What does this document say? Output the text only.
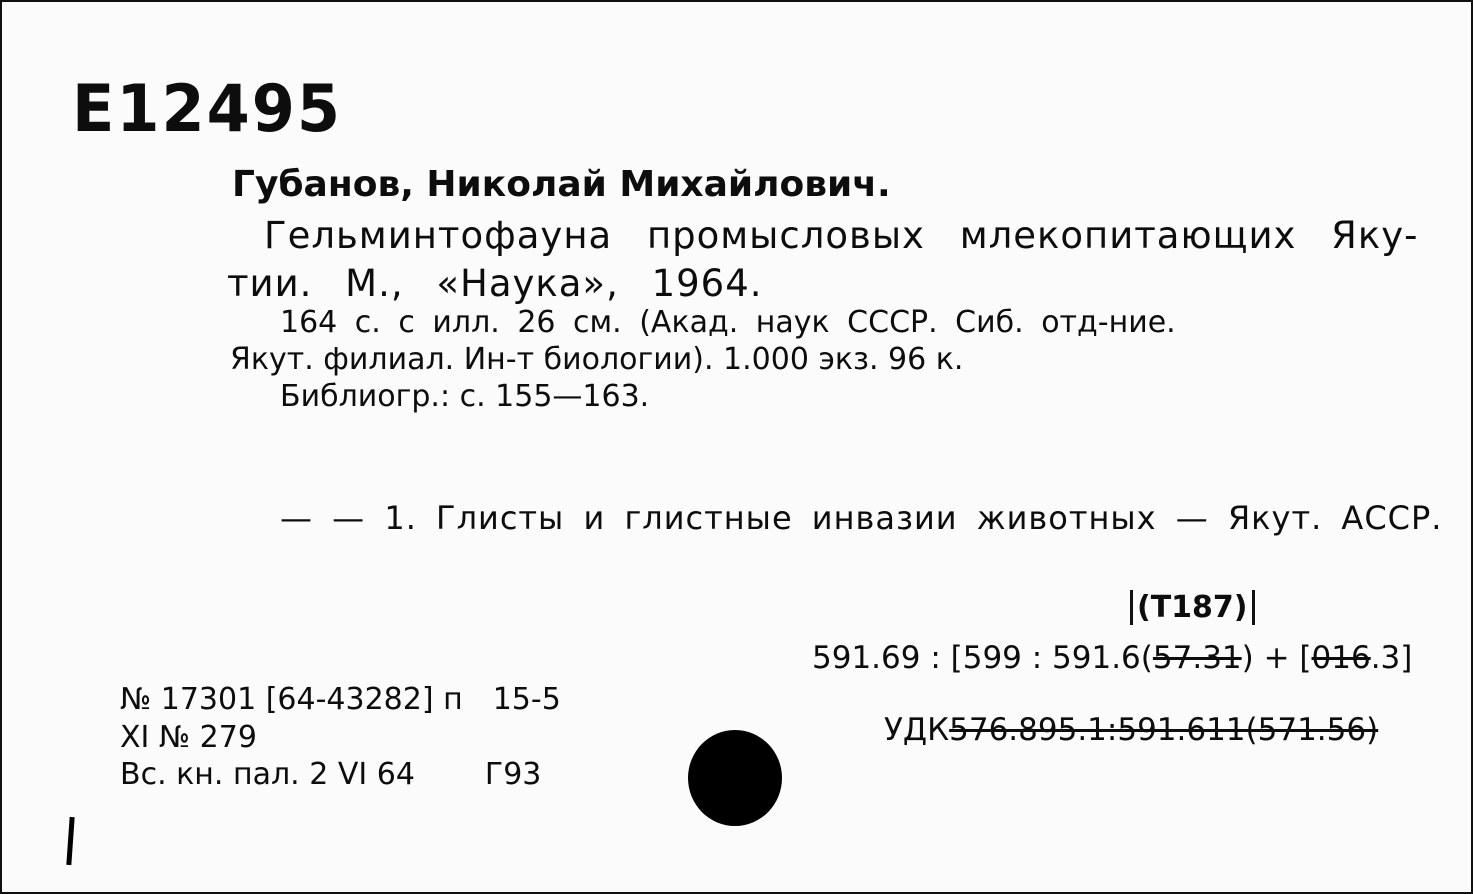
Е12495
Губанов, Николай Михайлович.
Гельминтофауна промысловых млекопитающих Яку-
тии. М., «Наука», 1964.
164 с. с илл. 26 см. (Акад. наук СССР. Сиб. отд-ние.
Якут. филиал. Ин-т биологии). 1.000 экз. 96 к.
Библиогр.: с. 155—163.
— — 1. Глисты и глистные инвазии животных — Якут. АССР.
(Т187)
591.69 : [599 : 591.6(57.31) + [016.3]
УДК576.895.1:591.611(571.56)
№ 17301 [64-43282] п 15-5
XI № 279
Вс. кн. пал. 2 VI 64 Г93
